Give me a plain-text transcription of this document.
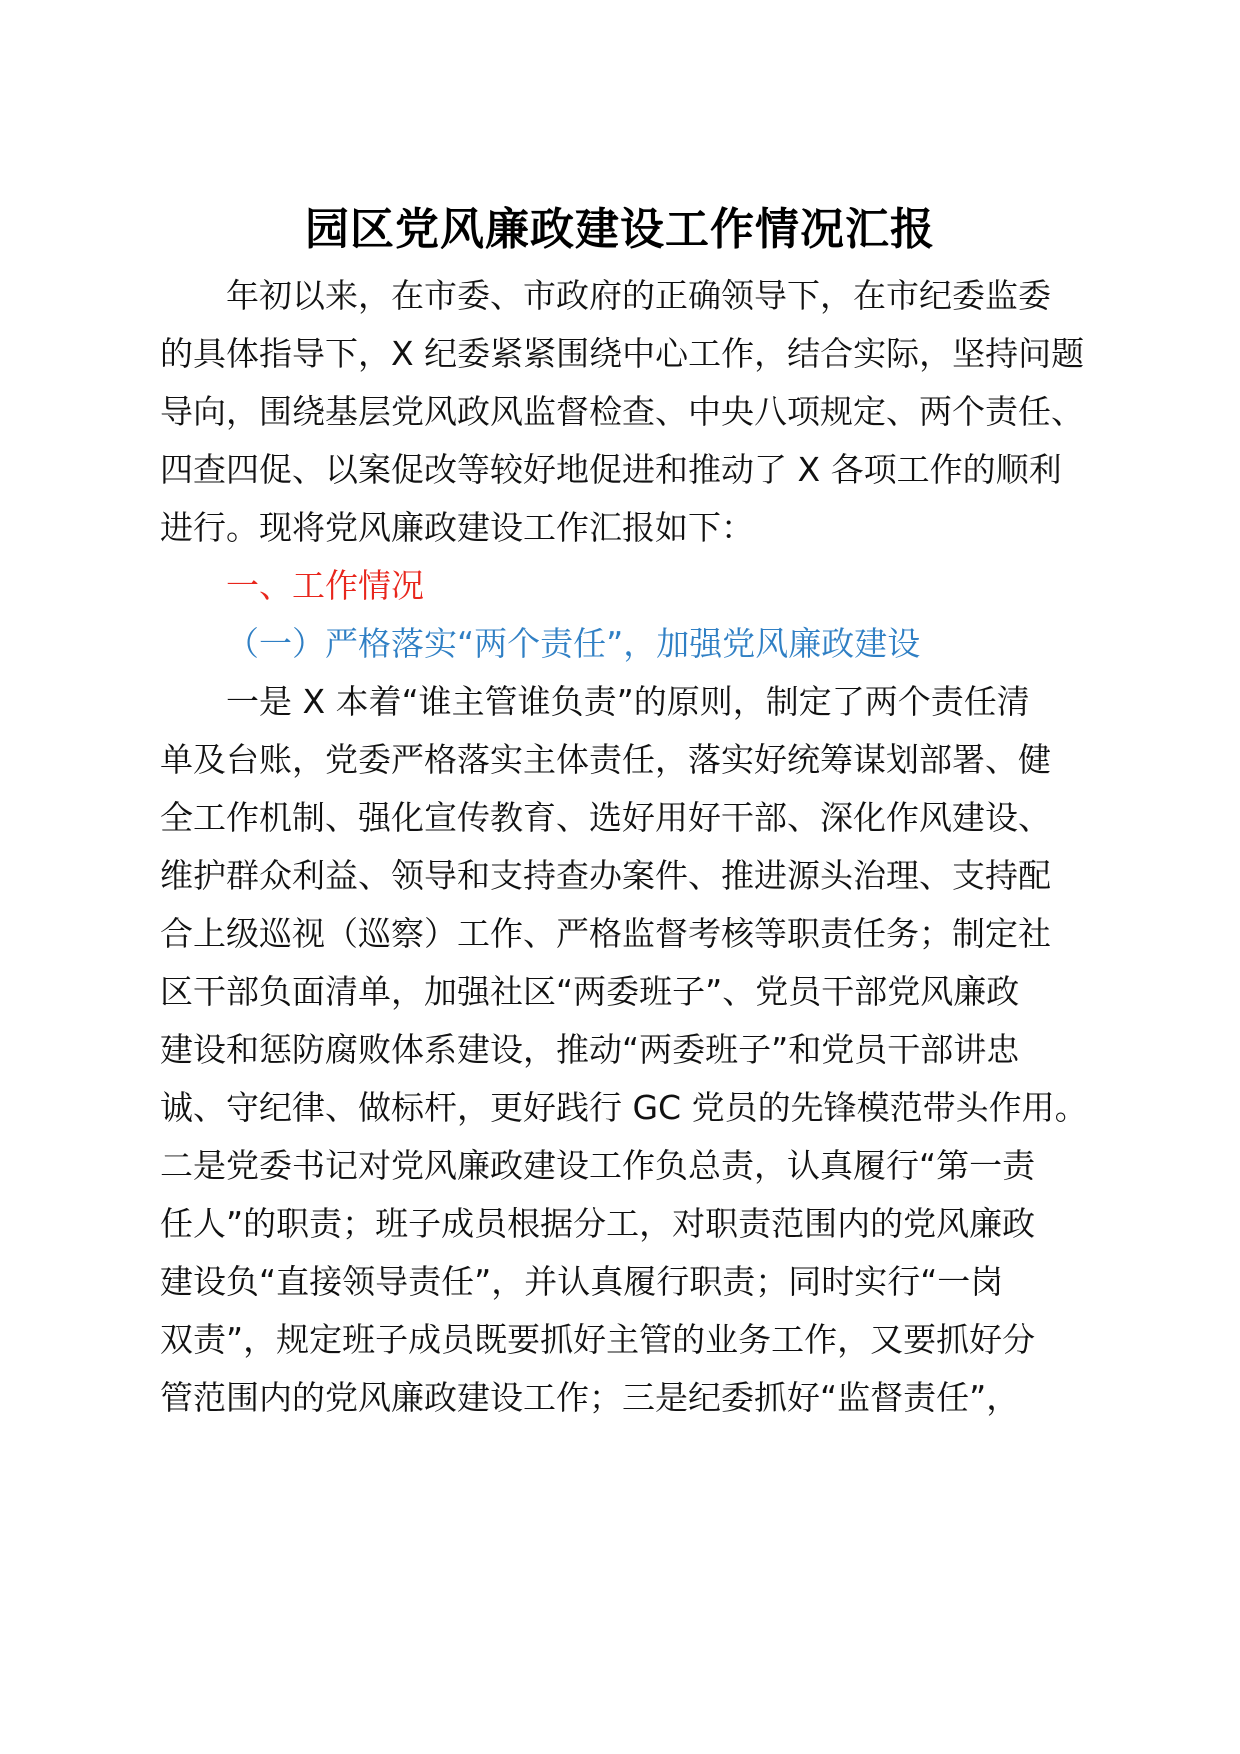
园区党风廉政建设工作情况汇报
年初以来，在市委、市政府的正确领导下，在市纪委监委
的具体指导下，X 纪委紧紧围绕中心工作，结合实际，坚持问题
导向，围绕基层党风政风监督检查、中央八项规定、两个责任、
四查四促、以案促改等较好地促进和推动了 X 各项工作的顺利
进行。现将党风廉政建设工作汇报如下：
一、工作情况
（一）严格落实“两个责任”，加强党风廉政建设
一是 X 本着“谁主管谁负责”的原则，制定了两个责任清
单及台账，党委严格落实主体责任，落实好统筹谋划部署、健
全工作机制、强化宣传教育、选好用好干部、深化作风建设、
维护群众利益、领导和支持查办案件、推进源头治理、支持配
合上级巡视（巡察）工作、严格监督考核等职责任务；制定社
区干部负面清单，加强社区“两委班子”、党员干部党风廉政
建设和惩防腐败体系建设，推动“两委班子”和党员干部讲忠
诚、守纪律、做标杆，更好践行 GC 党员的先锋模范带头作用。
二是党委书记对党风廉政建设工作负总责，认真履行“第一责
任人”的职责；班子成员根据分工，对职责范围内的党风廉政
建设负“直接领导责任”，并认真履行职责；同时实行“一岗
双责”，规定班子成员既要抓好主管的业务工作，又要抓好分
管范围内的党风廉政建设工作；三是纪委抓好“监督责任”，
